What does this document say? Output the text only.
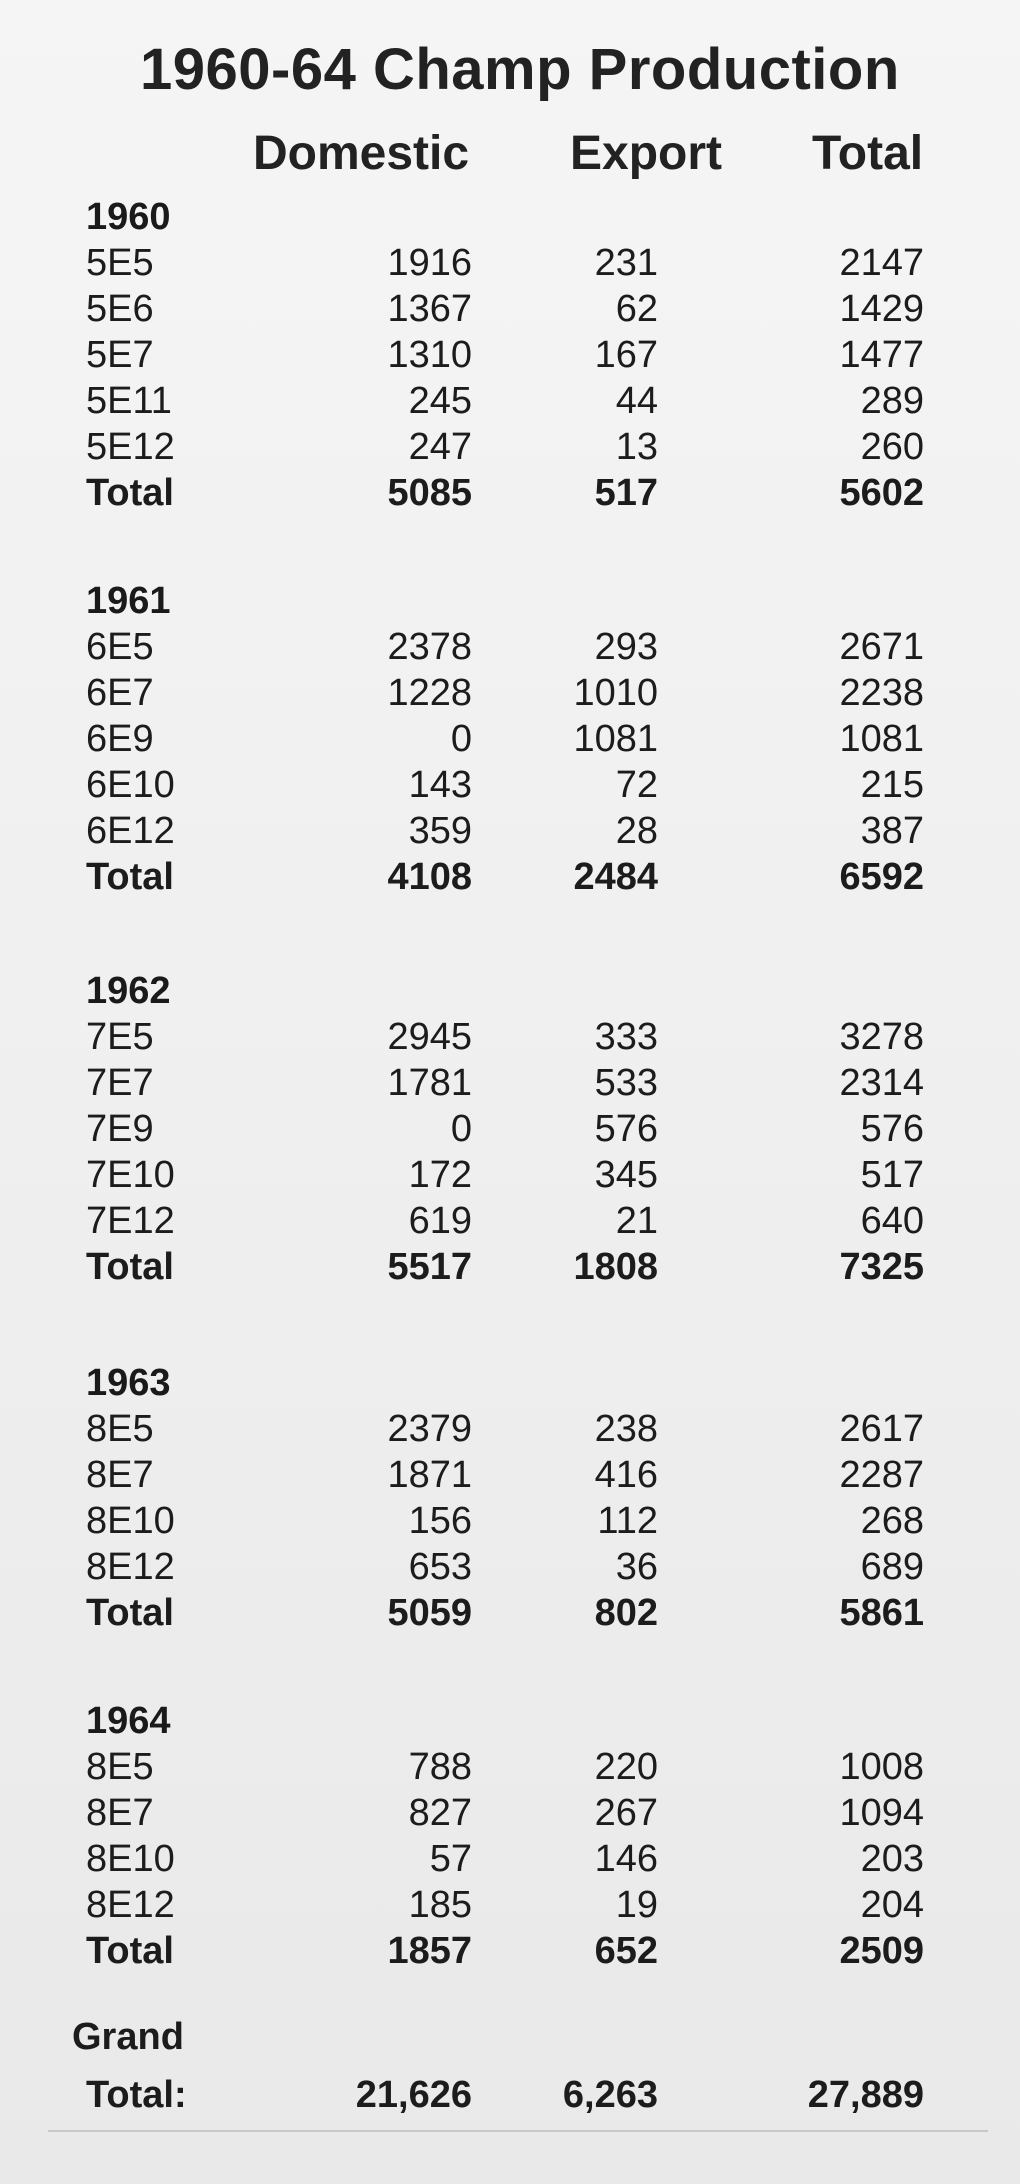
1960-64 Champ Production
Domestic Export Total
1960
5E5	1916	231	2147
5E6	1367	62	1429
5E7	1310	167	1477
5E11	245	44	289
5E12	247	13	260
Total	5085	517	5602
1961
6E5	2378	293	2671
6E7	1228	1010	2238
6E9	0	1081	1081
6E10	143	72	215
6E12	359	28	387
Total	4108	2484	6592
1962
7E5	2945	333	3278
7E7	1781	533	2314
7E9	0	576	576
7E10	172	345	517
7E12	619	21	640
Total	5517	1808	7325
1963
8E5	2379	238	2617
8E7	1871	416	2287
8E10	156	112	268
8E12	653	36	689
Total	5059	802	5861
1964
8E5	788	220	1008
8E7	827	267	1094
8E10	57	146	203
8E12	185	19	204
Total	1857	652	2509
Grand
Total:	21,626 6,263	27,889
